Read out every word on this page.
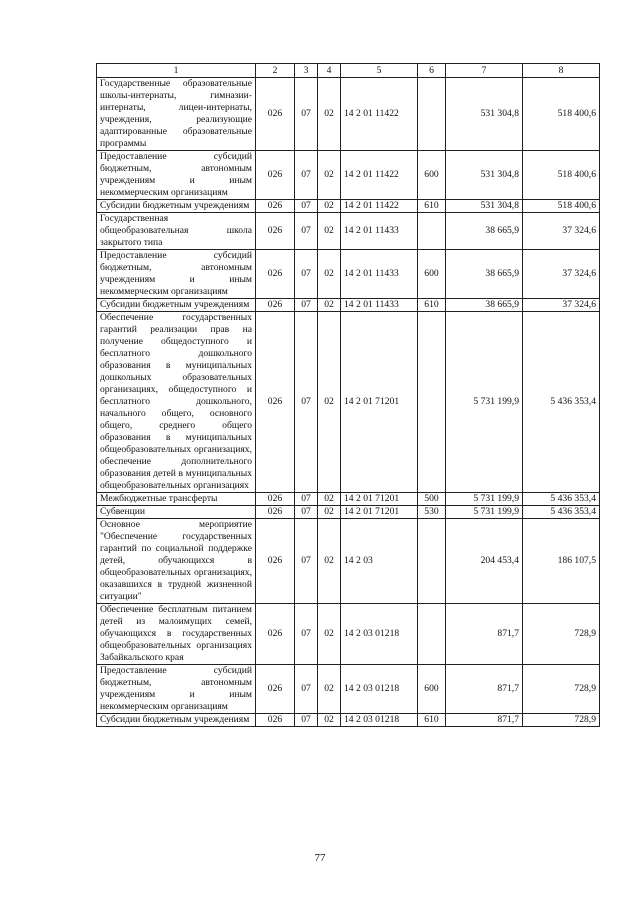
1	2	3	4	5	6	7	8
Государственные образовательные школы-интернаты, гимназии-интернаты, лицеи-интернаты, учреждения, реализующие адаптированные образовательные программы	026	07	02	14 2 01 11422		531 304,8	518 400,6
Предоставление субсидий бюджетным, автономным учреждениям и иным некоммерческим организациям	026	07	02	14 2 01 11422	600	531 304,8	518 400,6
Субсидии бюджетным учреждениям	026	07	02	14 2 01 11422	610	531 304,8	518 400,6
Государственная общеобразовательная школа закрытого типа	026	07	02	14 2 01 11433		38 665,9	37 324,6
Предоставление субсидий бюджетным, автономным учреждениям и иным некоммерческим организациям	026	07	02	14 2 01 11433	600	38 665,9	37 324,6
Субсидии бюджетным учреждениям	026	07	02	14 2 01 11433	610	38 665,9	37 324,6
Обеспечение государственных гарантий реализации прав на получение общедоступного и бесплатного дошкольного образования в муниципальных дошкольных образовательных организациях, общедоступного и бесплатного дошкольного, начального общего, основного общего, среднего общего образования в муниципальных общеобразовательных организациях, обеспечение дополнительного образования детей в муниципальных общеобразовательных организациях	026	07	02	14 2 01 71201		5 731 199,9	5 436 353,4
Межбюджетные трансферты	026	07	02	14 2 01 71201	500	5 731 199,9	5 436 353,4
Субвенции	026	07	02	14 2 01 71201	530	5 731 199,9	5 436 353,4
Основное мероприятие "Обеспечение государственных гарантий по социальной поддержке детей, обучающихся в общеобразовательных организациях, оказавшихся в трудной жизненной ситуации"	026	07	02	14 2 03		204 453,4	186 107,5
Обеспечение бесплатным питанием детей из малоимущих семей, обучающихся в государственных общеобразовательных организациях Забайкальского края	026	07	02	14 2 03 01218		871,7	728,9
Предоставление субсидий бюджетным, автономным учреждениям и иным некоммерческим организациям	026	07	02	14 2 03 01218	600	871,7	728,9
Субсидии бюджетным учреждениям	026	07	02	14 2 03 01218	610	871,7	728,9
77
